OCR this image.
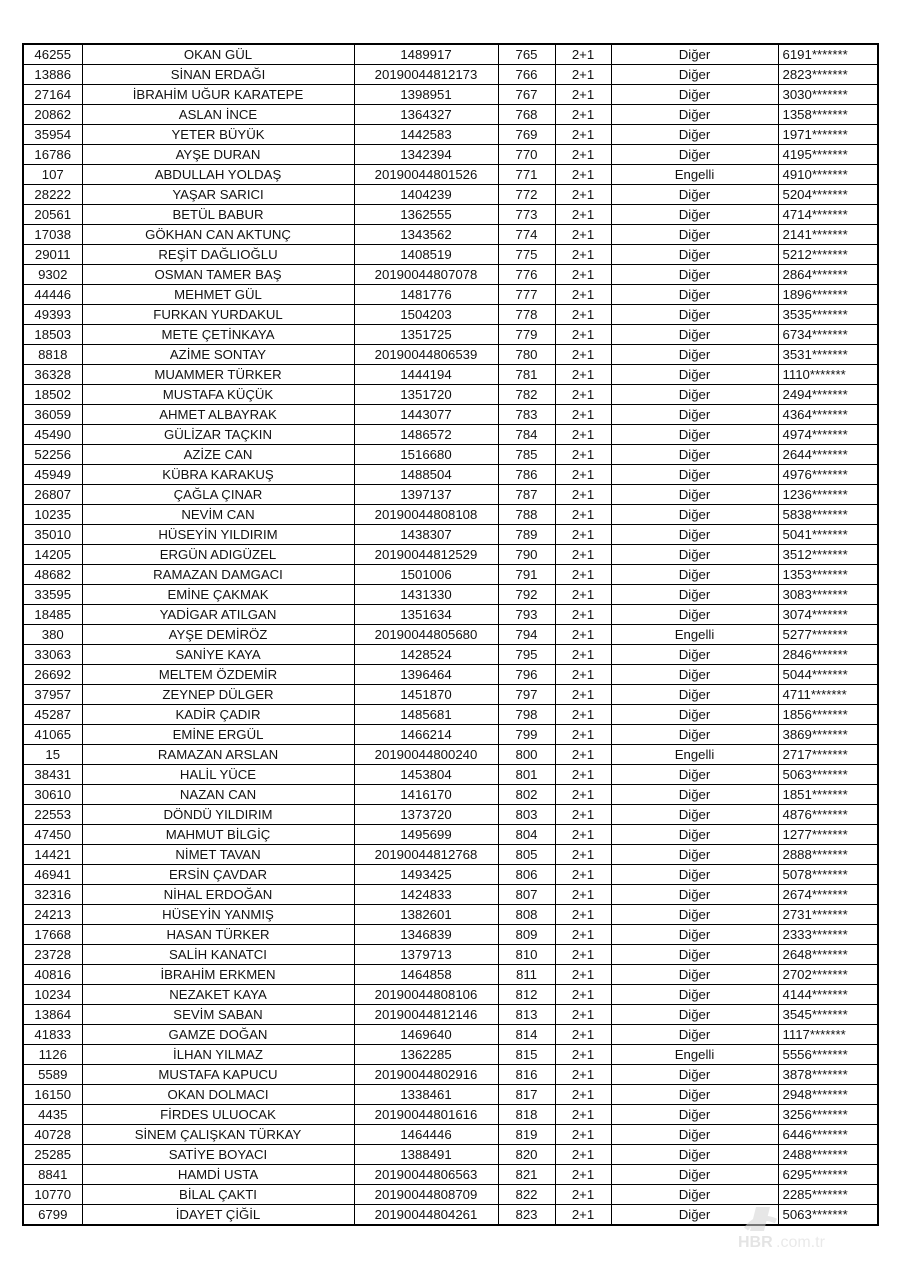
46255	OKAN GÜL	1489917	765	2+1	Diğer	6191*******
13886	SİNAN ERDAĞI	20190044812173	766	2+1	Diğer	2823*******
27164	İBRAHİM UĞUR KARATEPE	1398951	767	2+1	Diğer	3030*******
20862	ASLAN İNCE	1364327	768	2+1	Diğer	1358*******
35954	YETER BÜYÜK	1442583	769	2+1	Diğer	1971*******
16786	AYŞE DURAN	1342394	770	2+1	Diğer	4195*******
107	ABDULLAH YOLDAŞ	20190044801526	771	2+1	Engelli	4910*******
28222	YAŞAR SARICI	1404239	772	2+1	Diğer	5204*******
20561	BETÜL BABUR	1362555	773	2+1	Diğer	4714*******
17038	GÖKHAN CAN AKTUNÇ	1343562	774	2+1	Diğer	2141*******
29011	REŞİT DAĞLIOĞLU	1408519	775	2+1	Diğer	5212*******
9302	OSMAN TAMER BAŞ	20190044807078	776	2+1	Diğer	2864*******
44446	MEHMET GÜL	1481776	777	2+1	Diğer	1896*******
49393	FURKAN YURDAKUL	1504203	778	2+1	Diğer	3535*******
18503	METE ÇETİNKAYA	1351725	779	2+1	Diğer	6734*******
8818	AZİME SONTAY	20190044806539	780	2+1	Diğer	3531*******
36328	MUAMMER TÜRKER	1444194	781	2+1	Diğer	1110*******
18502	MUSTAFA KÜÇÜK	1351720	782	2+1	Diğer	2494*******
36059	AHMET ALBAYRAK	1443077	783	2+1	Diğer	4364*******
45490	GÜLİZAR TAÇKIN	1486572	784	2+1	Diğer	4974*******
52256	AZİZE CAN	1516680	785	2+1	Diğer	2644*******
45949	KÜBRA KARAKUŞ	1488504	786	2+1	Diğer	4976*******
26807	ÇAĞLA ÇINAR	1397137	787	2+1	Diğer	1236*******
10235	NEVİM CAN	20190044808108	788	2+1	Diğer	5838*******
35010	HÜSEYİN YILDIRIM	1438307	789	2+1	Diğer	5041*******
14205	ERGÜN ADIGÜZEL	20190044812529	790	2+1	Diğer	3512*******
48682	RAMAZAN DAMGACI	1501006	791	2+1	Diğer	1353*******
33595	EMİNE ÇAKMAK	1431330	792	2+1	Diğer	3083*******
18485	YADİGAR ATILGAN	1351634	793	2+1	Diğer	3074*******
380	AYŞE DEMİRÖZ	20190044805680	794	2+1	Engelli	5277*******
33063	SANİYE KAYA	1428524	795	2+1	Diğer	2846*******
26692	MELTEM ÖZDEMİR	1396464	796	2+1	Diğer	5044*******
37957	ZEYNEP DÜLGER	1451870	797	2+1	Diğer	4711*******
45287	KADİR ÇADIR	1485681	798	2+1	Diğer	1856*******
41065	EMİNE ERGÜL	1466214	799	2+1	Diğer	3869*******
15	RAMAZAN ARSLAN	20190044800240	800	2+1	Engelli	2717*******
38431	HALİL YÜCE	1453804	801	2+1	Diğer	5063*******
30610	NAZAN CAN	1416170	802	2+1	Diğer	1851*******
22553	DÖNDÜ YILDIRIM	1373720	803	2+1	Diğer	4876*******
47450	MAHMUT BİLGİÇ	1495699	804	2+1	Diğer	1277*******
14421	NİMET TAVAN	20190044812768	805	2+1	Diğer	2888*******
46941	ERSİN ÇAVDAR	1493425	806	2+1	Diğer	5078*******
32316	NİHAL ERDOĞAN	1424833	807	2+1	Diğer	2674*******
24213	HÜSEYİN YANMIŞ	1382601	808	2+1	Diğer	2731*******
17668	HASAN TÜRKER	1346839	809	2+1	Diğer	2333*******
23728	SALİH KANATCI	1379713	810	2+1	Diğer	2648*******
40816	İBRAHİM ERKMEN	1464858	811	2+1	Diğer	2702*******
10234	NEZAKET KAYA	20190044808106	812	2+1	Diğer	4144*******
13864	SEVİM SABAN	20190044812146	813	2+1	Diğer	3545*******
41833	GAMZE DOĞAN	1469640	814	2+1	Diğer	1117*******
1126	İLHAN YILMAZ	1362285	815	2+1	Engelli	5556*******
5589	MUSTAFA KAPUCU	20190044802916	816	2+1	Diğer	3878*******
16150	OKAN DOLMACI	1338461	817	2+1	Diğer	2948*******
4435	FİRDES ULUOCAK	20190044801616	818	2+1	Diğer	3256*******
40728	SİNEM ÇALIŞKAN TÜRKAY	1464446	819	2+1	Diğer	6446*******
25285	SATİYE BOYACI	1388491	820	2+1	Diğer	2488*******
8841	HAMDİ USTA	20190044806563	821	2+1	Diğer	6295*******
10770	BİLAL ÇAKTI	20190044808709	822	2+1	Diğer	2285*******
6799	İDAYET ÇİĞİL	20190044804261	823	2+1	Diğer	5063*******
HBR .com.tr
